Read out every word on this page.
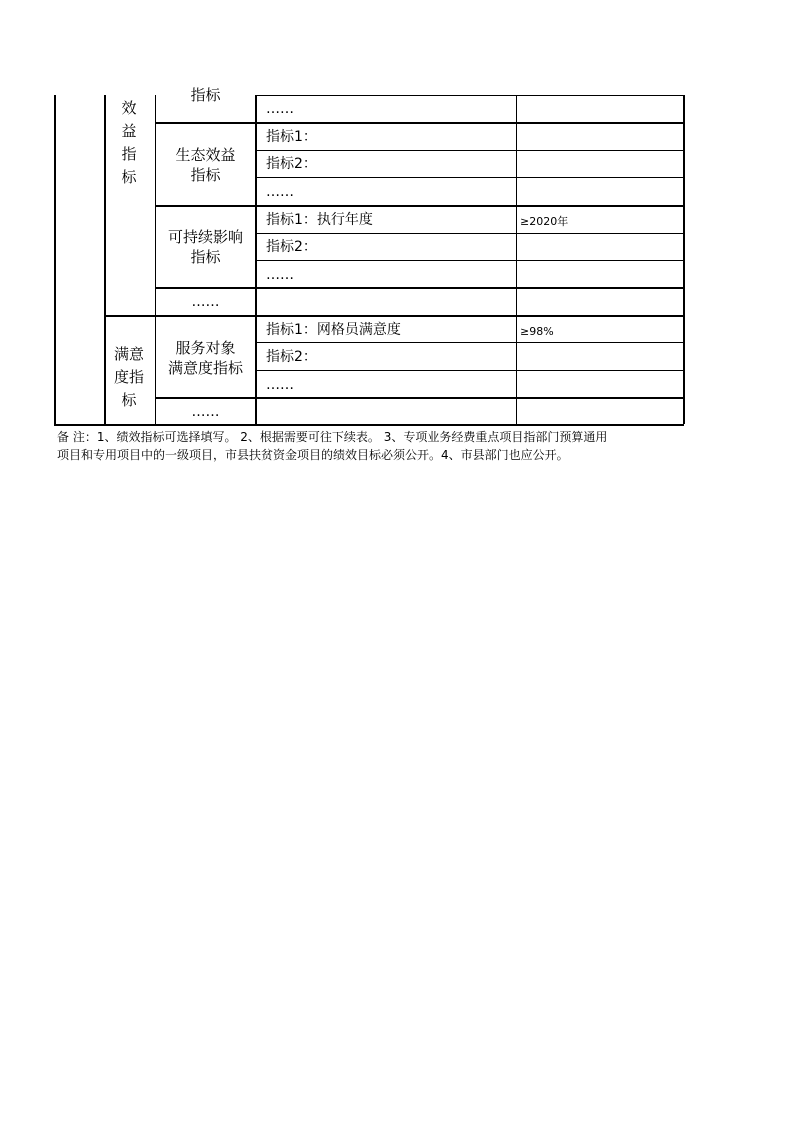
效
益
指
标
指标
……
生态效益
指标
指标1：
指标2：
……
可持续影响
指标
指标1：执行年度	≥2020年
指标2：
……
……
满意
度指
标
服务对象
满意度指标
指标1：网格员满意度	≥98%
指标2：
……
……
备 注：1、绩效指标可选择填写。 2、根据需要可往下续表。 3、专项业务经费重点项目指部门预算通用
项目和专用项目中的一级项目，市县扶贫资金项目的绩效目标必须公开。4、市县部门也应公开。
